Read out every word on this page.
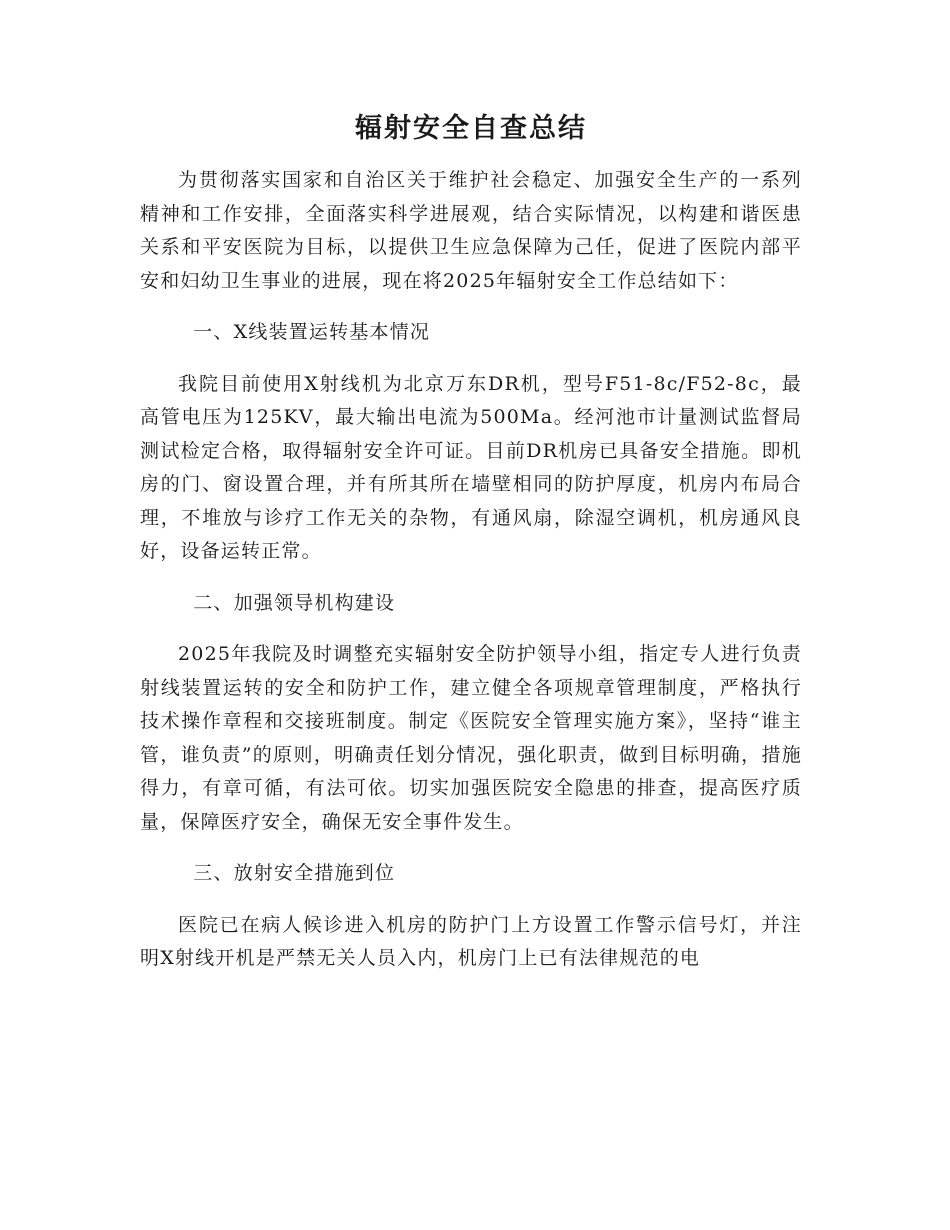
辐射安全自查总结

为贯彻落实国家和自治区关于维护社会稳定、加强安全生产的一系列精神和工作安排，全面落实科学进展观，结合实际情况，以构建和谐医患关系和平安医院为目标，以提供卫生应急保障为己任，促进了医院内部平安和妇幼卫生事业的进展，现在将2025年辐射安全工作总结如下：

一、X线装置运转基本情况

我院目前使用X射线机为北京万东DR机，型号F51-8c/F52-8c，最高管电压为125KV，最大输出电流为500Ma。经河池市计量测试监督局测试检定合格，取得辐射安全许可证。目前DR机房已具备安全措施。即机房的门、窗设置合理，并有所其所在墙壁相同的防护厚度，机房内布局合理，不堆放与诊疗工作无关的杂物，有通风扇，除湿空调机，机房通风良好，设备运转正常。

二、加强领导机构建设

2025年我院及时调整充实辐射安全防护领导小组，指定专人进行负责射线装置运转的安全和防护工作，建立健全各项规章管理制度，严格执行技术操作章程和交接班制度。制定《医院安全管理实施方案》，坚持“谁主管，谁负责”的原则，明确责任划分情况，强化职责，做到目标明确，措施得力，有章可循，有法可依。切实加强医院安全隐患的排查，提高医疗质量，保障医疗安全，确保无安全事件发生。

三、放射安全措施到位

医院已在病人候诊进入机房的防护门上方设置工作警示信号灯，并注明X射线开机是严禁无关人员入内，机房门上已有法律规范的电
